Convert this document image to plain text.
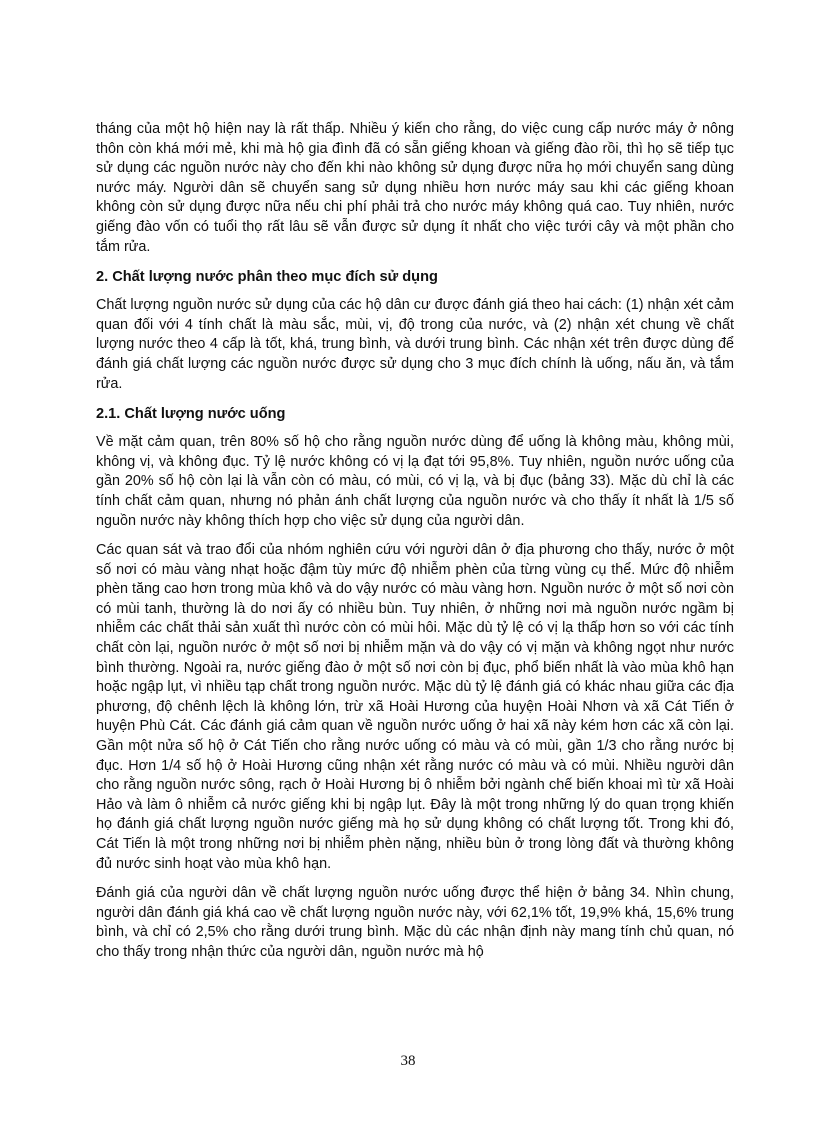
tháng của một hộ hiện nay là rất thấp. Nhiều ý kiến cho rằng, do việc cung cấp nước máy ở nông thôn còn khá mới mẻ, khi mà hộ gia đình đã có sẵn giếng khoan và giếng đào rồi, thì họ sẽ tiếp tục sử dụng các nguồn nước này cho đến khi nào không sử dụng được nữa họ mới chuyển sang dùng nước máy. Người dân sẽ chuyển sang sử dụng nhiều hơn nước máy sau khi các giếng khoan không còn sử dụng được nữa nếu chi phí phải trả cho nước máy không quá cao. Tuy nhiên, nước giếng đào vốn có tuổi thọ rất lâu sẽ vẫn được sử dụng ít nhất cho việc tưới cây và một phần cho tắm rửa.

2. Chất lượng nước phân theo mục đích sử dụng

Chất lượng nguồn nước sử dụng của các hộ dân cư được đánh giá theo hai cách: (1) nhận xét cảm quan đối với 4 tính chất là màu sắc, mùi, vị, độ trong của nước, và (2) nhận xét chung về chất lượng nước theo 4 cấp là tốt, khá, trung bình, và dưới trung bình. Các nhận xét trên được dùng để đánh giá chất lượng các nguồn nước được sử dụng cho 3 mục đích chính là uống, nấu ăn, và tắm rửa.

2.1. Chất lượng nước uống

Về mặt cảm quan, trên 80% số hộ cho rằng nguồn nước dùng để uống là không màu, không mùi, không vị, và không đục. Tỷ lệ nước không có vị lạ đạt tới 95,8%. Tuy nhiên, nguồn nước uống của gần 20% số hộ còn lại là vẫn còn có màu, có mùi, có vị lạ, và bị đục (bảng 33). Mặc dù chỉ là các tính chất cảm quan, nhưng nó phản ánh chất lượng của nguồn nước và cho thấy ít nhất là 1/5 số nguồn nước này không thích hợp cho việc sử dụng của người dân.

Các quan sát và trao đổi của nhóm nghiên cứu với người dân ở địa phương cho thấy, nước ở một số nơi có màu vàng nhạt hoặc đậm tùy mức độ nhiễm phèn của từng vùng cụ thể. Mức độ nhiễm phèn tăng cao hơn trong mùa khô và do vậy nước có màu vàng hơn. Nguồn nước ở một số nơi còn có mùi tanh, thường là do nơi ấy có nhiều bùn. Tuy nhiên, ở những nơi mà nguồn nước ngầm bị nhiễm các chất thải sản xuất thì nước còn có mùi hôi. Mặc dù tỷ lệ có vị lạ thấp hơn so với các tính chất còn lại, nguồn nước ở một số nơi bị nhiễm mặn và do vậy có vị mặn và không ngọt như nước bình thường. Ngoài ra, nước giếng đào ở một số nơi còn bị đục, phổ biến nhất là vào mùa khô hạn hoặc ngập lụt, vì nhiều tạp chất trong nguồn nước. Mặc dù tỷ lệ đánh giá có khác nhau giữa các địa phương, độ chênh lệch là không lớn, trừ xã Hoài Hương của huyện Hoài Nhơn và xã Cát Tiến ở huyện Phù Cát. Các đánh giá cảm quan về nguồn nước uống ở hai xã này kém hơn các xã còn lại. Gần một nửa số hộ ở Cát Tiến cho rằng nước uống có màu và có mùi, gần 1/3 cho rằng nước bị đục. Hơn 1/4 số hộ ở Hoài Hương cũng nhận xét rằng nước có màu và có mùi. Nhiều người dân cho rằng nguồn nước sông, rạch ở Hoài Hương bị ô nhiễm bởi ngành chế biến khoai mì từ xã Hoài Hảo và làm ô nhiễm cả nước giếng khi bị ngập lụt. Đây là một trong những lý do quan trọng khiến họ đánh giá chất lượng nguồn nước giếng mà họ sử dụng không có chất lượng tốt. Trong khi đó, Cát Tiến là một trong những nơi bị nhiễm phèn nặng, nhiều bùn ở trong lòng đất và thường không đủ nước sinh hoạt vào mùa khô hạn.

Đánh giá của người dân về chất lượng nguồn nước uống được thể hiện ở bảng 34. Nhìn chung, người dân đánh giá khá cao về chất lượng nguồn nước này, với 62,1% tốt, 19,9% khá, 15,6% trung bình, và chỉ có 2,5% cho rằng dưới trung bình. Mặc dù các nhận định này mang tính chủ quan, nó cho thấy trong nhận thức của người dân, nguồn nước mà hộ

38
